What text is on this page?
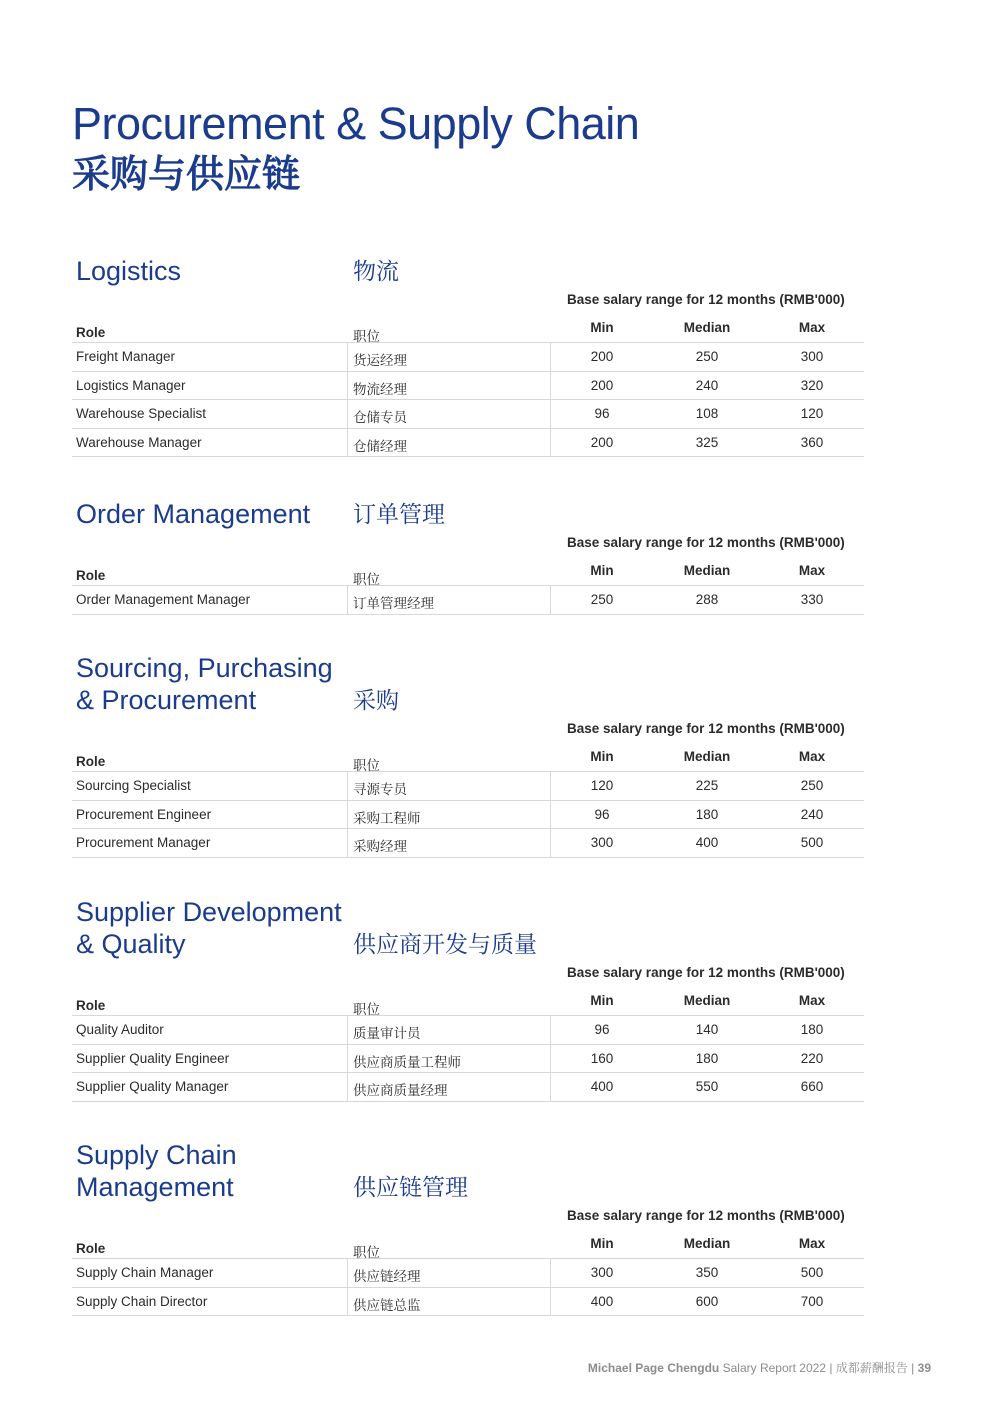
Procurement & Supply Chain
采购与供应链
Logistics	物流
Base salary range for 12 months (RMB'000)
Role	职位
Min	Median	Max
Freight Manager	货运经理	200	250	300
Logistics Manager	物流经理	200	240	320
Warehouse Specialist	仓储专员	96	108	120
Warehouse Manager	仓储经理	200	325	360
Order Management 订单管理
Base salary range for 12 months (RMB'000)
Role	职位
Min	Median	Max
Order Management Manager	订单管理经理	250	288	330
Sourcing, Purchasing
& Procurement	采购
Base salary range for 12 months (RMB'000)
Role	职位
Min	Median	Max
Sourcing Specialist	寻源专员	120	225	250
Procurement Engineer	采购工程师	96	180	240
Procurement Manager	采购经理	300	400	500
Supplier Development
& Quality	供应商开发与质量
Base salary range for 12 months (RMB'000)
Role	职位
Min	Median	Max
Quality Auditor	质量审计员	96	140	180
Supplier Quality Engineer	供应商质量工程师	160	180	220
Supplier Quality Manager	供应商质量经理	400	550	660
Supply Chain
Management	供应链管理
Base salary range for 12 months (RMB'000)
Role	职位
Min	Median	Max
Supply Chain Manager	供应链经理	300	350	500
Supply Chain Director	供应链总监	400	600	700
Michael Page Chengdu Salary Report 2022 | 成都薪酬报告 | 39
